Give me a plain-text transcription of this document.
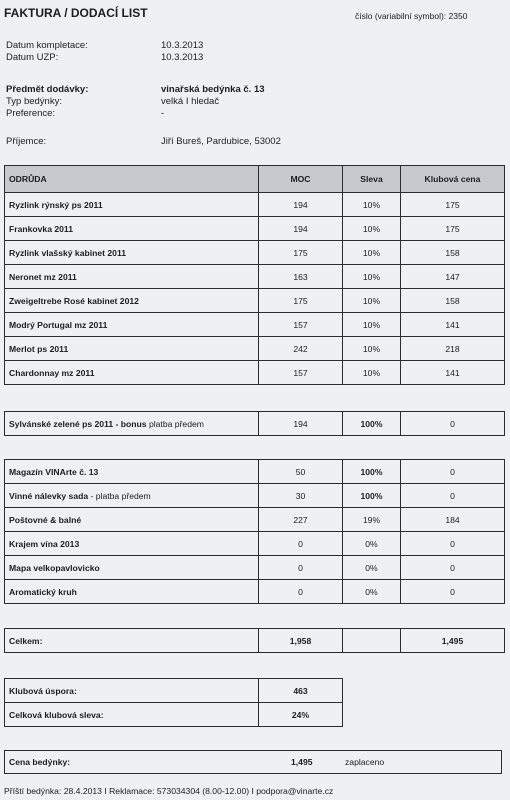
FAKTURA / DODACÍ LIST	číslo (variabilní symbol): 2350
Datum kompletace:	10.3.2013
Datum UZP:	10.3.2013
Předmět dodávky:	vinařská bedýnka č. 13
Typ bedýnky:	velká I hledač
Preference:	-
Příjemce:	Jiří Bureš, Pardubice, 53002
ODRŮDA	MOC	Sleva	Klubová cena
Ryzlink rýnský ps 2011	194	10%	175
Frankovka 2011	194	10%	175
Ryzlink vlašský kabinet 2011	175	10%	158
Neronet mz 2011	163	10%	147
Zweigeltrebe Rosé kabinet 2012	175	10%	158
Modrý Portugal mz 2011	157	10%	141
Merlot ps 2011	242	10%	218
Chardonnay mz 2011	157	10%	141
Sylvánské zelené ps 2011 - bonus platba předem	194	100%	0
Magazín VINArte č. 13	50	100%	0
Vinné nálevky sada - platba předem	30	100%	0
Poštovné & balné	227	19%	184
Krajem vína 2013	0	0%	0
Mapa velkopavlovicko	0	0%	0
Aromatický kruh	0	0%	0
Celkem:	1,958		1,495
Klubová úspora:	463
Celková klubová sleva:	24%
Cena bedýnky:	1,495	zaplaceno
Příští bedýnka: 28.4.2013 I Reklamace: 573034304 (8.00-12.00) I podpora@vinarte.cz
